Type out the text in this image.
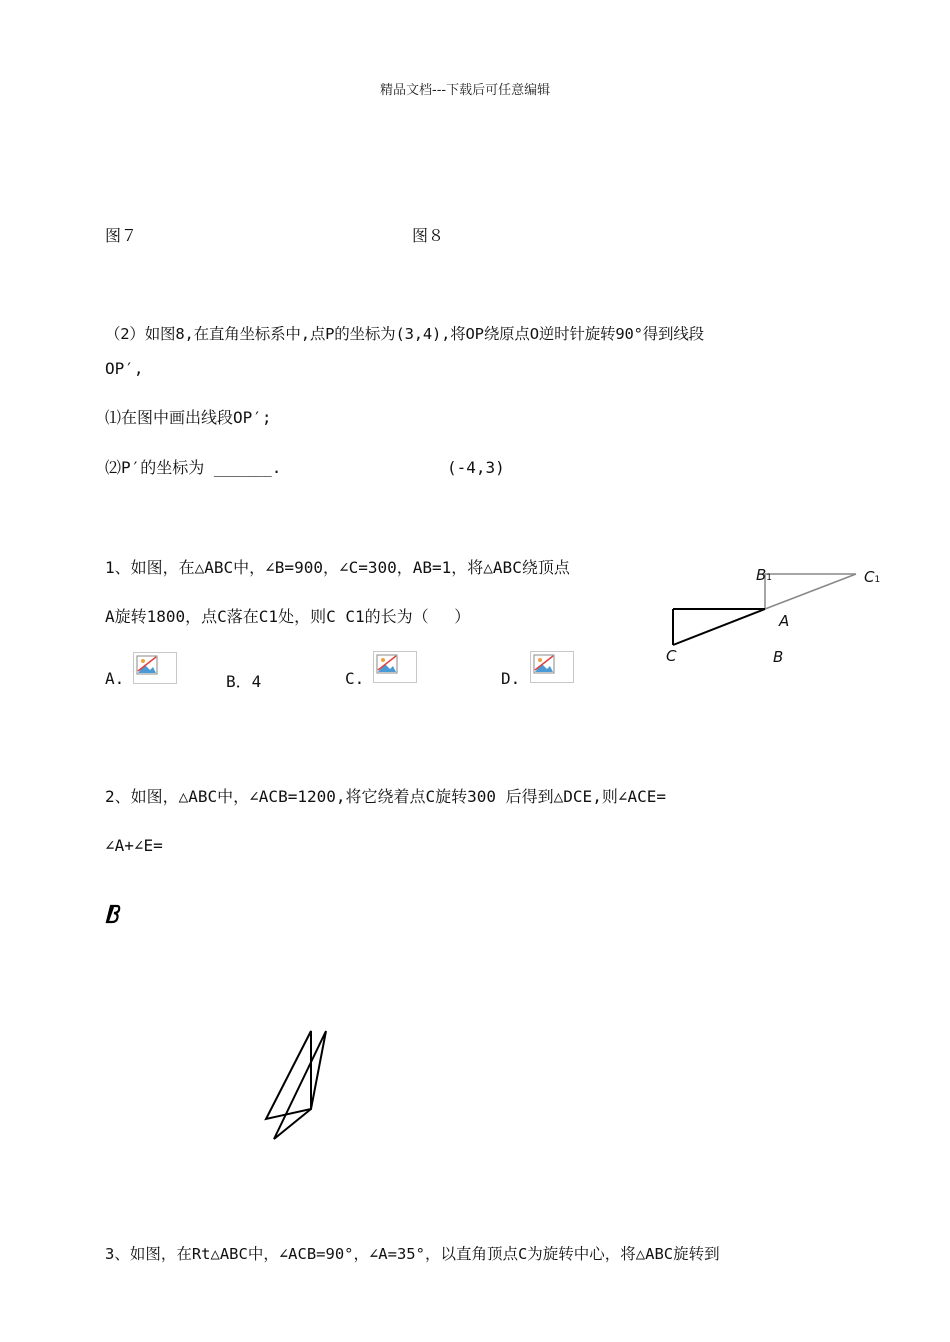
精品文档---下载后可任意编辑
图７	图８
（2）如图8,在直角坐标系中,点P的坐标为(3,4),将OP绕原点O逆时针旋转90°得到线段
OP′,
⑴在图中画出线段OP′;
⑵P′的坐标为 ______.	(-4,3)
1、如图，在△ABC中，∠B=900，∠C=300，AB=1，将△ABC绕顶点
A旋转1800，点C落在C1处，则C C1的长为（　 ）
A.	B．4	C.	D.
B1	C1
A
C	B
2、如图，△ABC中，∠ACB=1200,将它绕着点C旋转300 后得到△DCE,则∠ACE=
∠A+∠E=
3、如图，在Rt△ABC中，∠ACB=90°，∠A=35°，以直角顶点C为旋转中心，将△ABC旋转到
